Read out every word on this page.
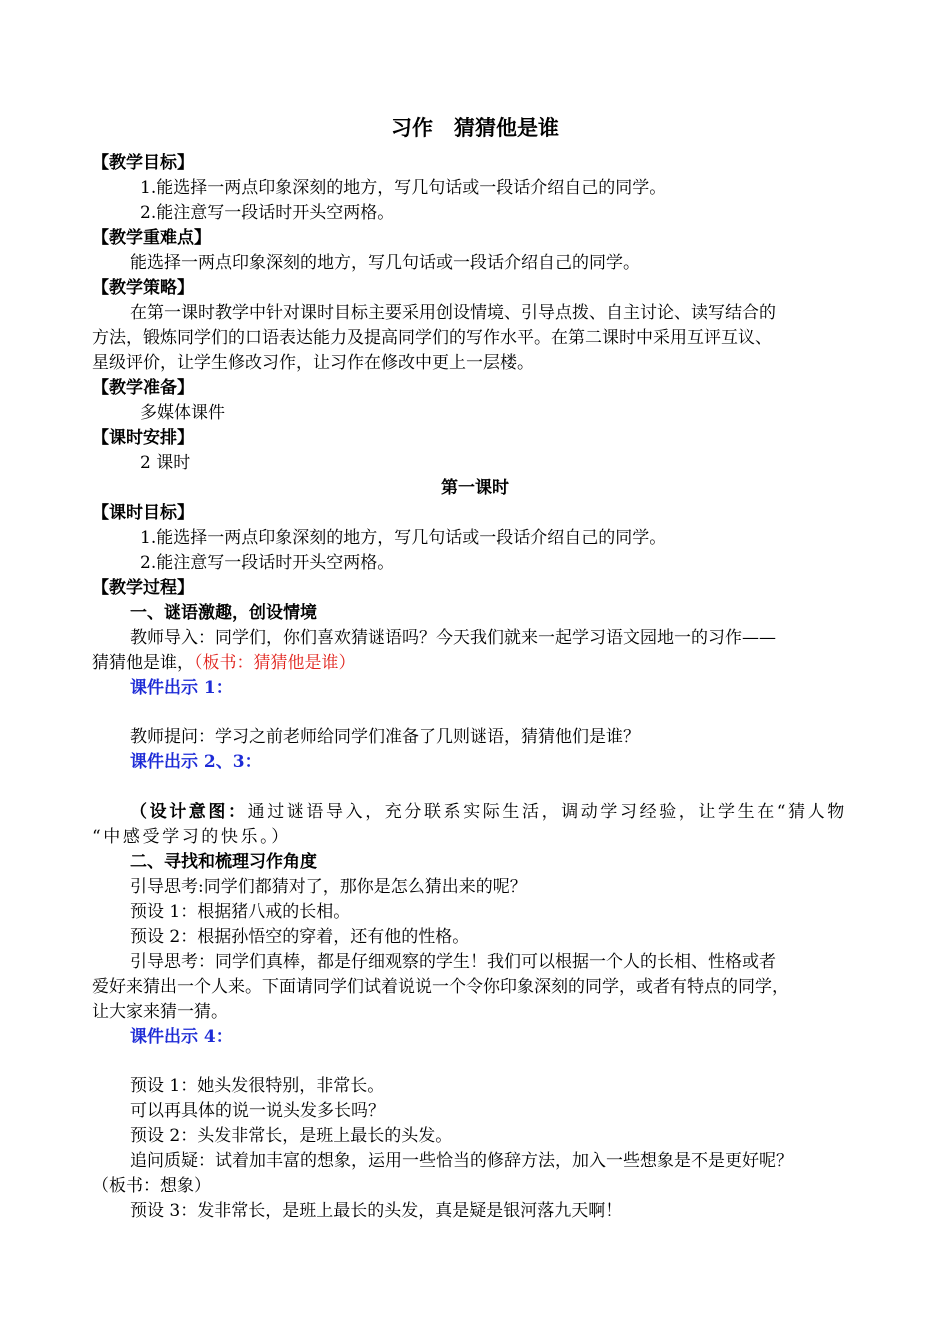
习作　猜猜他是谁
【教学目标】
1.能选择一两点印象深刻的地方，写几句话或一段话介绍自己的同学。
2.能注意写一段话时开头空两格。
【教学重难点】
能选择一两点印象深刻的地方，写几句话或一段话介绍自己的同学。
【教学策略】
在第一课时教学中针对课时目标主要采用创设情境、引导点拨、自主讨论、读写结合的
方法，锻炼同学们的口语表达能力及提高同学们的写作水平。在第二课时中采用互评互议、
星级评价，让学生修改习作，让习作在修改中更上一层楼。
【教学准备】
多媒体课件
【课时安排】
2 课时
第一课时
【课时目标】
1.能选择一两点印象深刻的地方，写几句话或一段话介绍自己的同学。
2.能注意写一段话时开头空两格。
【教学过程】
一、谜语激趣，创设情境
教师导入：同学们，你们喜欢猜谜语吗？今天我们就来一起学习语文园地一的习作——
猜猜他是谁，（板书：猜猜他是谁）
课件出示 1：
教师提问：学习之前老师给同学们准备了几则谜语，猜猜他们是谁？
课件出示 2、3：
（设计意图：通过谜语导入，充分联系实际生活，调动学习经验，让学生在“猜人物
“中感受学习的快乐。）
二、寻找和梳理习作角度
引导思考:同学们都猜对了，那你是怎么猜出来的呢？
预设 1：根据猪八戒的长相。
预设 2：根据孙悟空的穿着，还有他的性格。
引导思考：同学们真棒，都是仔细观察的学生！我们可以根据一个人的长相、性格或者
爱好来猜出一个人来。下面请同学们试着说说一个令你印象深刻的同学，或者有特点的同学，
让大家来猜一猜。
课件出示 4：
预设 1：她头发很特别，非常长。
可以再具体的说一说头发多长吗？
预设 2：头发非常长，是班上最长的头发。
追问质疑：试着加丰富的想象，运用一些恰当的修辞方法，加入一些想象是不是更好呢？
（板书：想象）
预设 3：发非常长，是班上最长的头发，真是疑是银河落九天啊！
